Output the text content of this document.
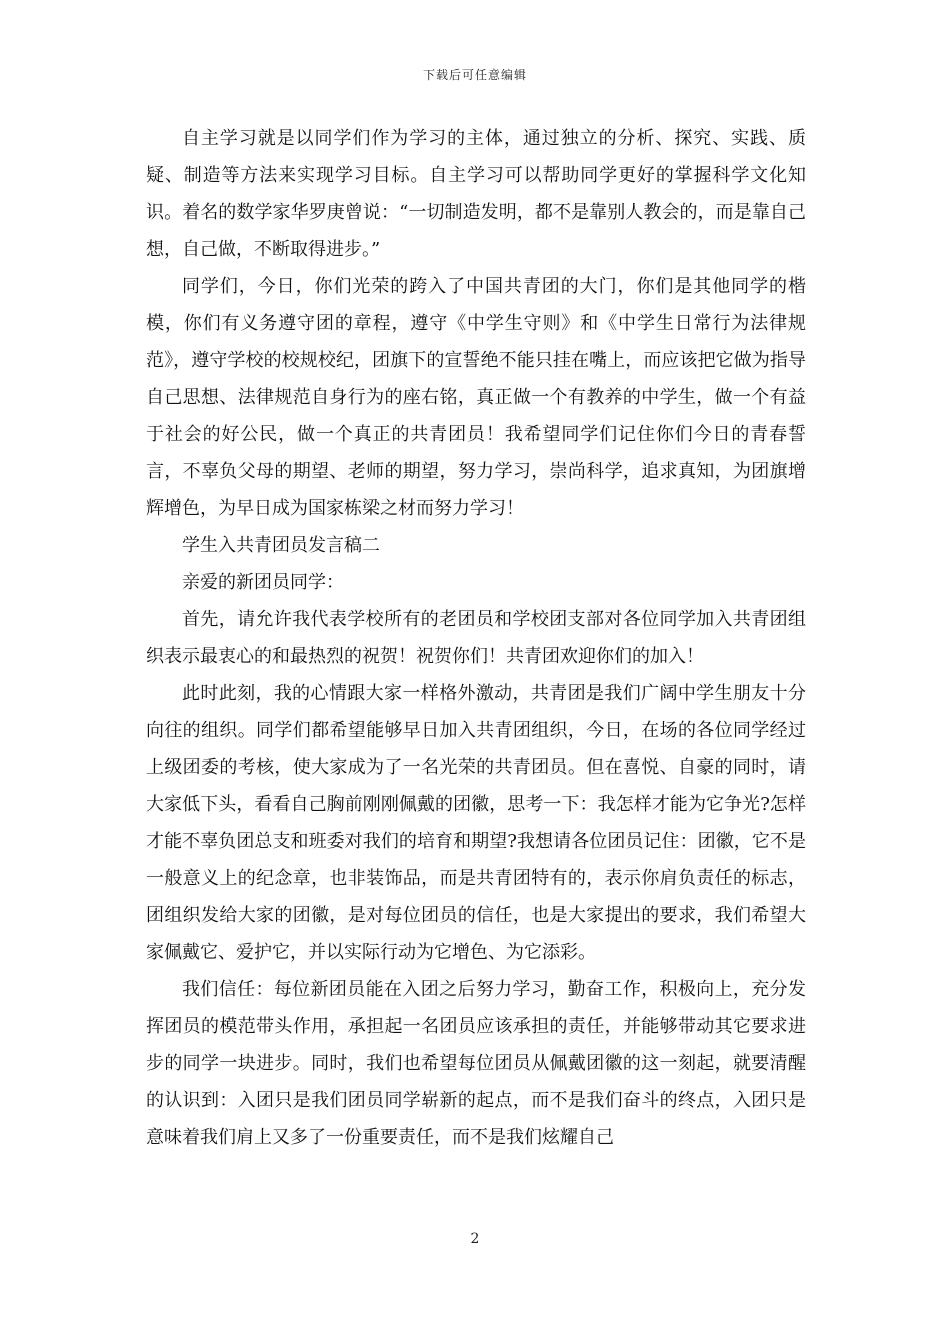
下载后可任意编辑

自主学习就是以同学们作为学习的主体，通过独立的分析、探究、实践、质疑、制造等方法来实现学习目标。自主学习可以帮助同学更好的掌握科学文化知识。着名的数学家华罗庚曾说：“一切制造发明，都不是靠别人教会的，而是靠自己想，自己做，不断取得进步。”

同学们，今日，你们光荣的跨入了中国共青团的大门，你们是其他同学的楷模，你们有义务遵守团的章程，遵守《中学生守则》和《中学生日常行为法律规范》，遵守学校的校规校纪，团旗下的宣誓绝不能只挂在嘴上，而应该把它做为指导自己思想、法律规范自身行为的座右铭，真正做一个有教养的中学生，做一个有益于社会的好公民，做一个真正的共青团员！我希望同学们记住你们今日的青春誓言，不辜负父母的期望、老师的期望，努力学习，崇尚科学，追求真知，为团旗增辉增色，为早日成为国家栋梁之材而努力学习！

学生入共青团员发言稿二

亲爱的新团员同学：

首先，请允许我代表学校所有的老团员和学校团支部对各位同学加入共青团组织表示最衷心的和最热烈的祝贺！祝贺你们！共青团欢迎你们的加入！

此时此刻，我的心情跟大家一样格外激动，共青团是我们广阔中学生朋友十分向往的组织。同学们都希望能够早日加入共青团组织，今日，在场的各位同学经过上级团委的考核，使大家成为了一名光荣的共青团员。但在喜悦、自豪的同时，请大家低下头，看看自己胸前刚刚佩戴的团徽，思考一下：我怎样才能为它争光?怎样才能不辜负团总支和班委对我们的培育和期望?我想请各位团员记住：团徽，它不是一般意义上的纪念章，也非装饰品，而是共青团特有的，表示你肩负责任的标志，团组织发给大家的团徽，是对每位团员的信任，也是大家提出的要求，我们希望大家佩戴它、爱护它，并以实际行动为它增色、为它添彩。

我们信任：每位新团员能在入团之后努力学习，勤奋工作，积极向上，充分发挥团员的模范带头作用，承担起一名团员应该承担的责任，并能够带动其它要求进步的同学一块进步。同时，我们也希望每位团员从佩戴团徽的这一刻起，就要清醒的认识到：入团只是我们团员同学崭新的起点，而不是我们奋斗的终点，入团只是意味着我们肩上又多了一份重要责任，而不是我们炫耀自己

2
